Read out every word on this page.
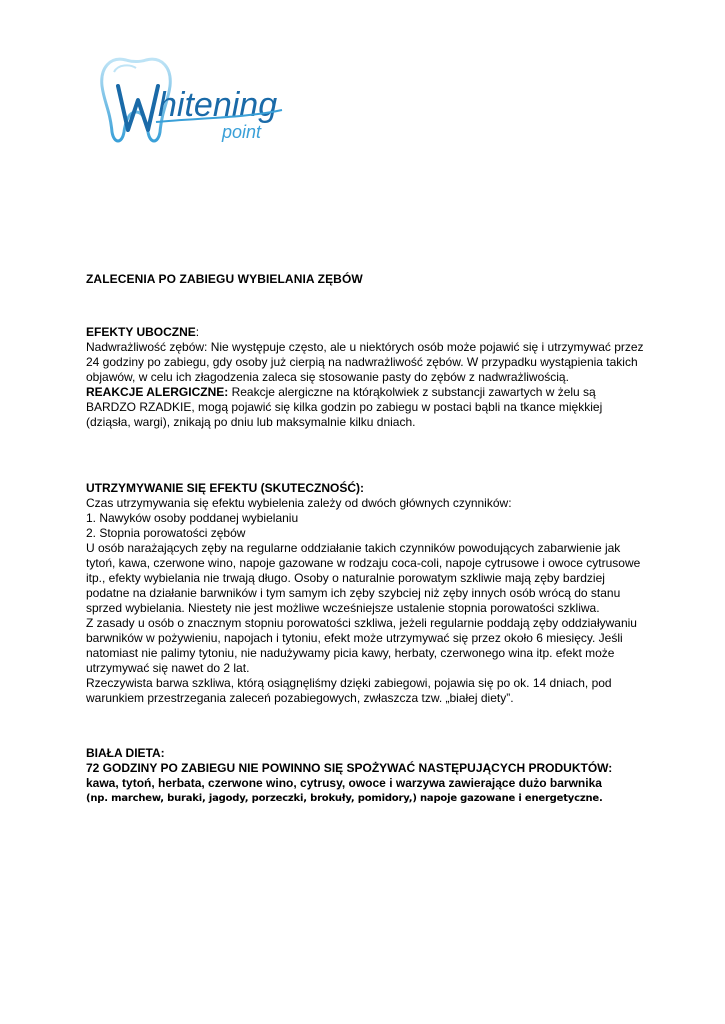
hitening
point
ZALECENIA PO ZABIEGU WYBIELANIA ZĘBÓW

EFEKTY UBOCZNE:

Nadwrażliwość zębów: Nie występuje często, ale u niektórych osób może pojawić się i utrzymywać przez 24 godziny po zabiegu, gdy osoby już cierpią na nadwrażliwość zębów. W przypadku wystąpienia takich objawów, w celu ich złagodzenia zaleca się stosowanie pasty do zębów z nadwrażliwością.

REAKCJE ALERGICZNE: Reakcje alergiczne na którąkolwiek z substancji zawartych w żelu są BARDZO RZADKIE, mogą pojawić się kilka godzin po zabiegu w postaci bąbli na tkance miękkiej (dziąsła, wargi), znikają po dniu lub maksymalnie kilku dniach.

UTRZYMYWANIE SIĘ EFEKTU (SKUTECZNOŚĆ):

Czas utrzymywania się efektu wybielenia zależy od dwóch głównych czynników:

1. Nawyków osoby poddanej wybielaniu

2. Stopnia porowatości zębów

U osób narażających zęby na regularne oddziałanie takich czynników powodujących zabarwienie jak tytoń, kawa, czerwone wino, napoje gazowane w rodzaju coca-coli, napoje cytrusowe i owoce cytrusowe itp., efekty wybielania nie trwają długo. Osoby o naturalnie porowatym szkliwie mają zęby bardziej podatne na działanie barwników i tym samym ich zęby szybciej niż zęby innych osób wrócą do stanu sprzed wybielania. Niestety nie jest możliwe wcześniejsze ustalenie stopnia porowatości szkliwa.

Z zasady u osób o znacznym stopniu porowatości szkliwa, jeżeli regularnie poddają zęby oddziaływaniu barwników w pożywieniu, napojach i tytoniu, efekt może utrzymywać się przez około 6 miesięcy. Jeśli natomiast nie palimy tytoniu, nie nadużywamy picia kawy, herbaty, czerwonego wina itp. efekt może utrzymywać się nawet do 2 lat.

Rzeczywista barwa szkliwa, którą osiągnęliśmy dzięki zabiegowi, pojawia się po ok. 14 dniach, pod warunkiem przestrzegania zaleceń pozabiegowych, zwłaszcza tzw. „białej diety”.

BIAŁA DIETA:

72 GODZINY PO ZABIEGU NIE POWINNO SIĘ SPOŻYWAĆ NASTĘPUJĄCYCH PRODUKTÓW:

kawa, tytoń, herbata, czerwone wino, cytrusy, owoce i warzywa zawierające dużo barwnika

(np. marchew, buraki, jagody, porzeczki, brokuły, pomidory,) napoje gazowane i energetyczne.
